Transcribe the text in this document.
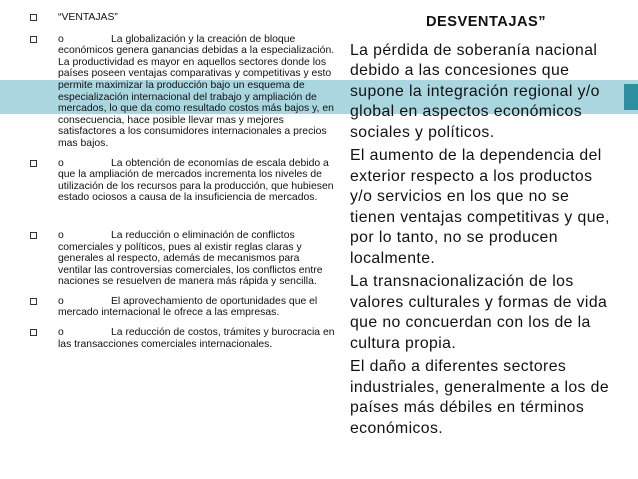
“VENTAJAS”
o	La globalización y la creación de bloque económicos genera ganancias debidas a la especialización. La productividad es mayor en aquellos sectores donde los países poseen ventajas comparativas y competitivas y esto permite maximizar la producción bajo un esquema de especialización internacional del trabajo y ampliación de mercados, lo que da como resultado costos más bajos y, en consecuencia, hace posible llevar mas y mejores satisfactores a los consumidores internacionales a precios mas bajos.
o	La obtención de economías de escala debido a que la ampliación de mercados incrementa los niveles de utilización de los recursos para la producción, que hubiesen estado ociosos a causa de la insuficiencia de mercados.
o	La reducción o eliminación de conflictos comerciales y políticos, pues al existir reglas claras y generales al respecto, además de mecanismos para ventilar las controversias comerciales, los conflictos entre naciones se resuelven de manera más rápida y sencilla.
o	El aprovechamiento de oportunidades que el mercado internacional le ofrece a las empresas.
o	La reducción de costos, trámites y burocracia en las transacciones comerciales internacionales.
DESVENTAJAS”
La pérdida de soberanía nacional debido a las concesiones que supone la integración regional y/o global en aspectos económicos sociales y políticos.
El aumento de la dependencia del exterior respecto a los productos y/o servicios en los que no se tienen ventajas competitivas y que, por lo tanto, no se producen localmente.
La transnacionalización de los valores culturales y formas de vida que no concuerdan con los de la cultura propia.
El daño a diferentes sectores industriales, generalmente a los de países más débiles en términos económicos.
